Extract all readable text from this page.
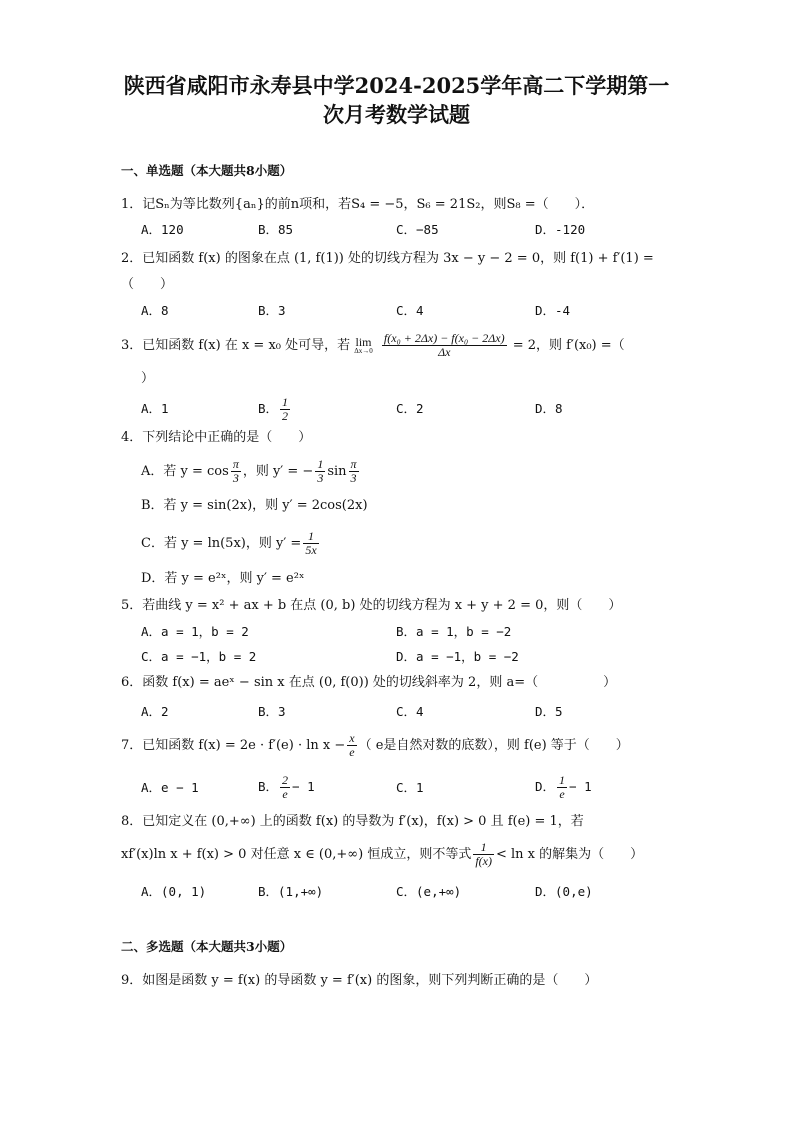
陕西省咸阳市永寿县中学2024-2025学年高二下学期第一
次月考数学试题
一、单选题（本大题共8小题）
1．记Sₙ为等比数列{aₙ}的前n项和，若S₄ = −5，S₆ = 21S₂，则S₈ =（　　）．
A．120	B．85	C．−85	D．-120
2．已知函数 f(x) 的图象在点 (1, f(1)) 处的切线方程为 3x − y − 2 = 0，则 f(1) + f′(1) =
（　　）
A．8	B．3	C．4	D．-4
3．已知函数 f(x) 在 x = x₀ 处可导，若 lim
Δx→0
$\frac{\text{f(x₀ + 2Δx) − f(x₀ − 2Δx)}}{\Delta x} = 2$，则 f′(x₀) =（
）
A．1	B． $\frac{1}{2}$	C．2	D．8
4．下列结论中正确的是（　　）
A．若 $y = \cos \frac{\pi}{3}$ ，则 y′ = − $\frac{1}{3}$ $\sin \frac{\pi}{3}$
B．若 y = sin(2x)，则 y′ = 2cos(2x)
C．若 y = ln(5x)，则 $y' = \frac{1}{5x}$
D．若 y = e²ˣ，则 y′ = e²ˣ
5．若曲线 y = x² + ax + b 在点 (0, b) 处的切线方程为 x + y + 2 = 0，则（　　）
A．a = 1，b = 2	B．a = 1，b = −2
C．a = −1，b = 2	D．a = −1，b = −2
6．函数 f(x) = aeˣ − sin x 在点 (0, f(0)) 处的切线斜率为 2，则 a=（　　　　　）
A．2	B．3	C．4	D．5
7．已知函数 $f(x) = 2e \cdot f'(e) \cdot \ln x - \frac{x}{e}$ （ e是自然对数的底数），则 f(e) 等于（　　）
A．e − 1	B． $\frac{2}{e} - 1$	C．1	D． $\frac{1}{e} - 1$
8．已知定义在 (0,+∞) 上的函数 f(x) 的导数为 f′(x)，f(x) > 0 且 f(e) = 1，若
xf′(x)ln x + f(x) > 0 对任意 x ∈ (0,+∞) 恒成立，则不等式 $\frac{1}{f(x)} < \ln x$ 的解集为（　　）
A．(0, 1)	B．(1,+∞)	C．(e,+∞)	D．(0,e)
二、多选题（本大题共3小题）
9．如图是函数 y = f(x) 的导函数 y = f′(x) 的图象，则下列判断正确的是（　　）
